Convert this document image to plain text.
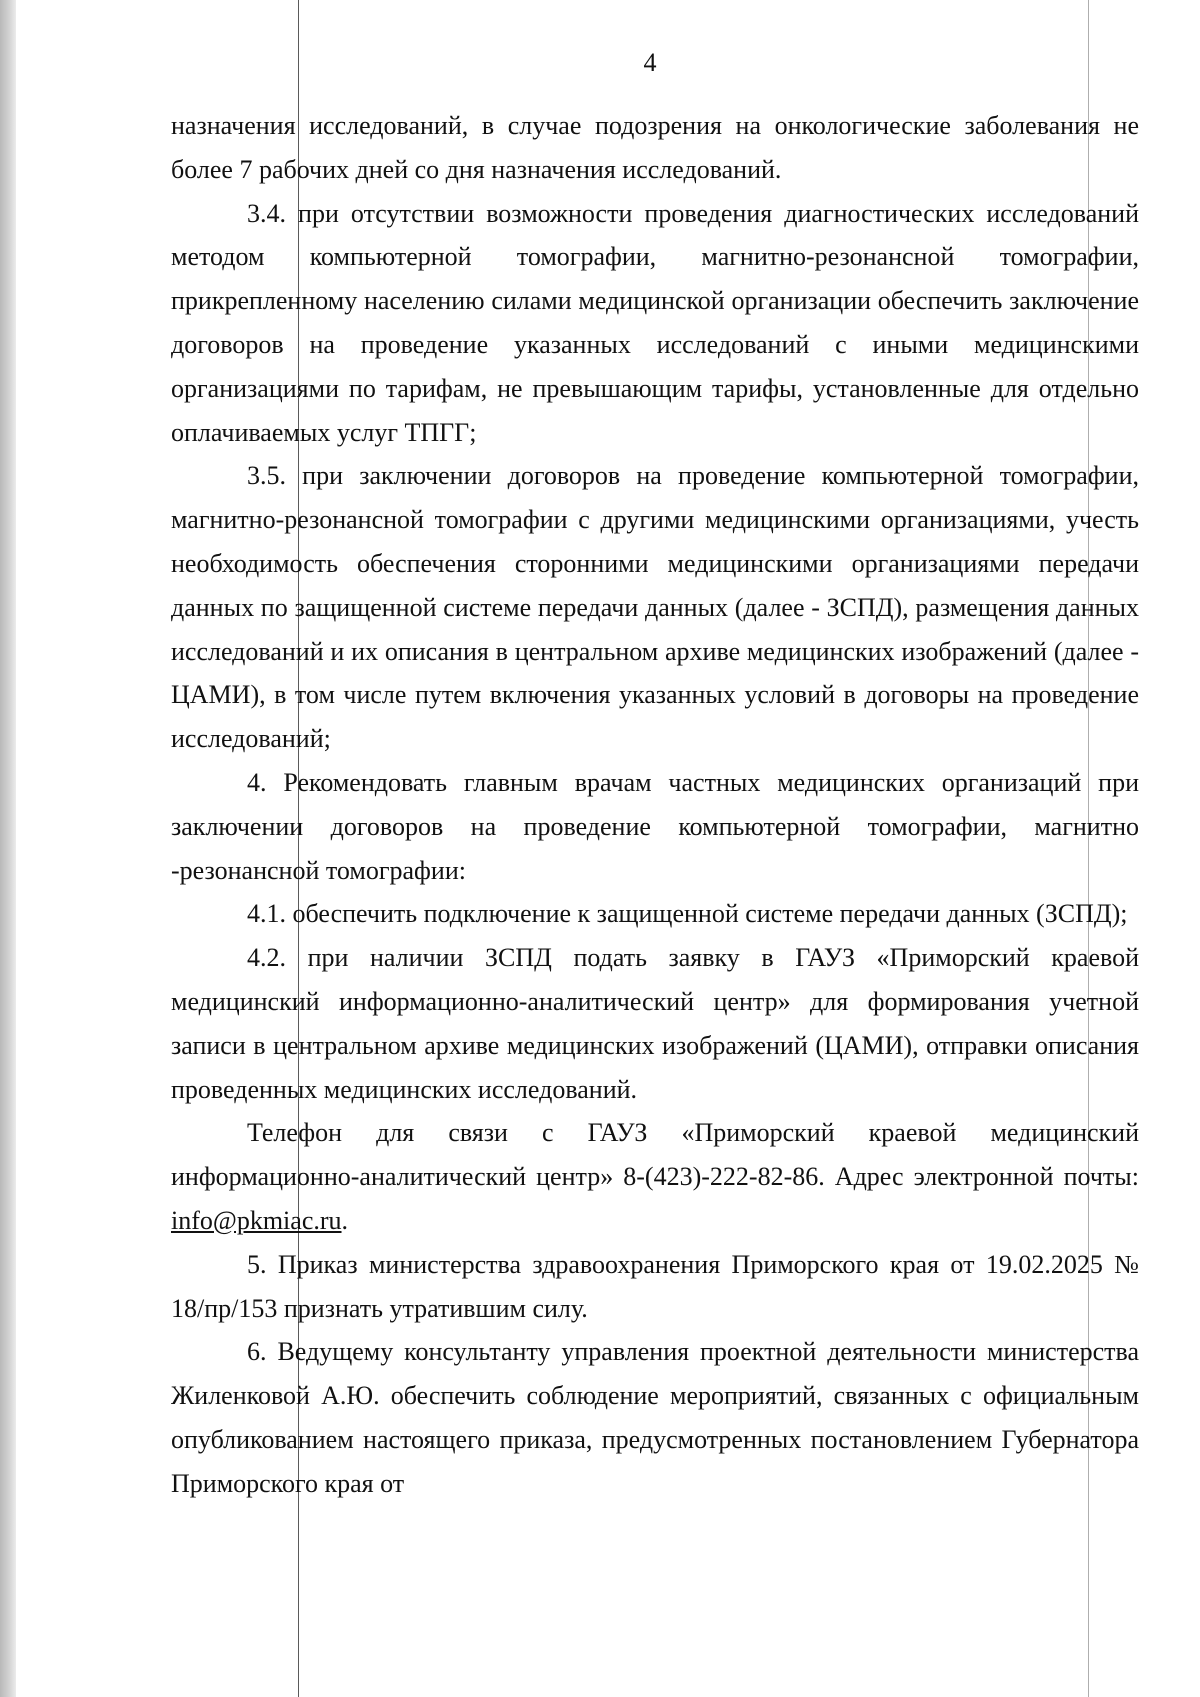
4

назначения исследований, в случае подозрения на онкологические заболевания не более 7 рабочих дней со дня назначения исследований.

3.4. при отсутствии возможности проведения диагностических исследований методом компьютерной томографии, магнитно-резонансной томографии, прикрепленному населению силами медицинской организации обеспечить заключение договоров на проведение указанных исследований с иными медицинскими организациями по тарифам, не превышающим тарифы, установленные для отдельно оплачиваемых услуг ТПГГ;

3.5. при заключении договоров на проведение компьютерной томографии, магнитно-резонансной томографии с другими медицинскими организациями, учесть необходимость обеспечения сторонними медицинскими организациями передачи данных по защищенной системе передачи данных (далее - ЗСПД), размещения данных исследований и их описания в центральном архиве медицинских изображений (далее - ЦАМИ), в том числе путем включения указанных условий в договоры на проведение исследований;

4. Рекомендовать главным врачам частных медицинских организаций при заключении договоров на проведение компьютерной томографии, магнитно -резонансной томографии:

4.1. обеспечить подключение к защищенной системе передачи данных (ЗСПД);

4.2. при наличии ЗСПД подать заявку в ГАУЗ «Приморский краевой медицинский информационно-аналитический центр» для формирования учетной записи в центральном архиве медицинских изображений (ЦАМИ), отправки описания проведенных медицинских исследований.

Телефон для связи с ГАУЗ «Приморский краевой медицинский информационно-аналитический центр» 8-(423)-222-82-86. Адрес электронной почты: info@pkmiac.ru.

5. Приказ министерства здравоохранения Приморского края от 19.02.2025 № 18/пр/153 признать утратившим силу.

6. Ведущему консультанту управления проектной деятельности министерства Жиленковой А.Ю. обеспечить соблюдение мероприятий, связанных с официальным опубликованием настоящего приказа, предусмотренных постановлением Губернатора Приморского края от
